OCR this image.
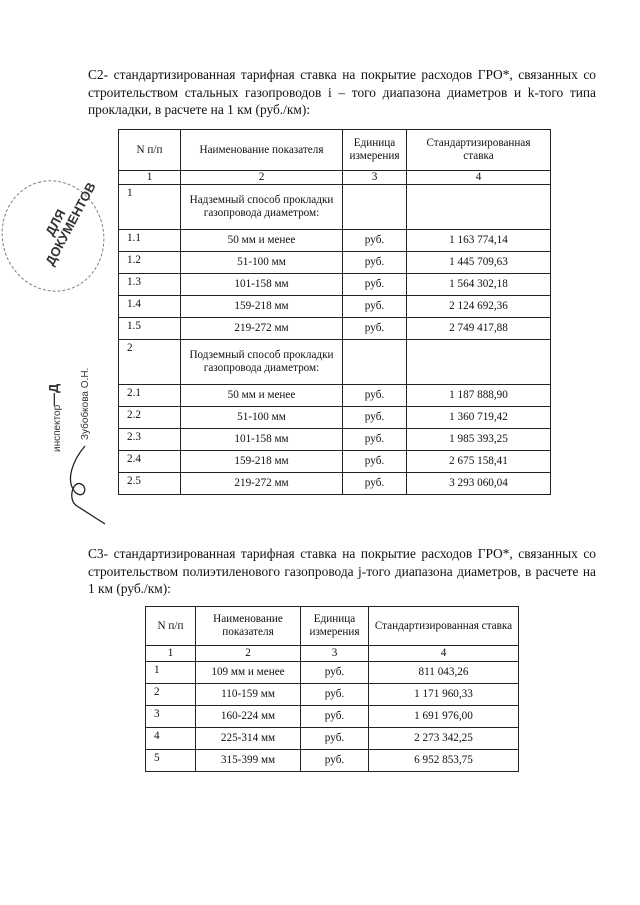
С2- стандартизированная тарифная ставка на покрытие расходов ГРО*, связанных со строительством стальных газопроводов i – того диапазона диаметров и k-того типа прокладки, в расчете на 1 км (руб./км):
N п/п	Наименование показателя	Единица измерения	Стандартизированная ставка
1	2	3	4
1	Надземный способ прокладки газопровода диаметром:		
1.1	50 мм и менее	руб.	1 163 774,14
1.2	51-100 мм	руб.	1 445 709,63
1.3	101-158 мм	руб.	1 564 302,18
1.4	159-218 мм	руб.	2 124 692,36
1.5	219-272 мм	руб.	2 749 417,88
2	Подземный способ прокладки газопровода диаметром:		
2.1	50 мм и менее	руб.	1 187 888,90
2.2	51-100 мм	руб.	1 360 719,42
2.3	101-158 мм	руб.	1 985 393,25
2.4	159-218 мм	руб.	2 675 158,41
2.5	219-272 мм	руб.	3 293 060,04
С3- стандартизированная тарифная ставка на покрытие расходов ГРО*, связанных со строительством полиэтиленового газопровода j-того диапазона диаметров, в расчете на 1 км (руб./км):
N п/п	Наименование показателя	Единица измерения	Стандартизированная ставка
1	2	3	4
1	109 мм и менее	руб.	811 043,26
2	110-159 мм	руб.	1 171 960,33
3	160-224 мм	руб.	1 691 976,00
4	225-314 мм	руб.	2 273 342,25
5	315-399 мм	руб.	6 952 853,75
ДЛЯ ДОКУМЕНТОВ
Зубобкова О.Н.
—Д
инспектор
